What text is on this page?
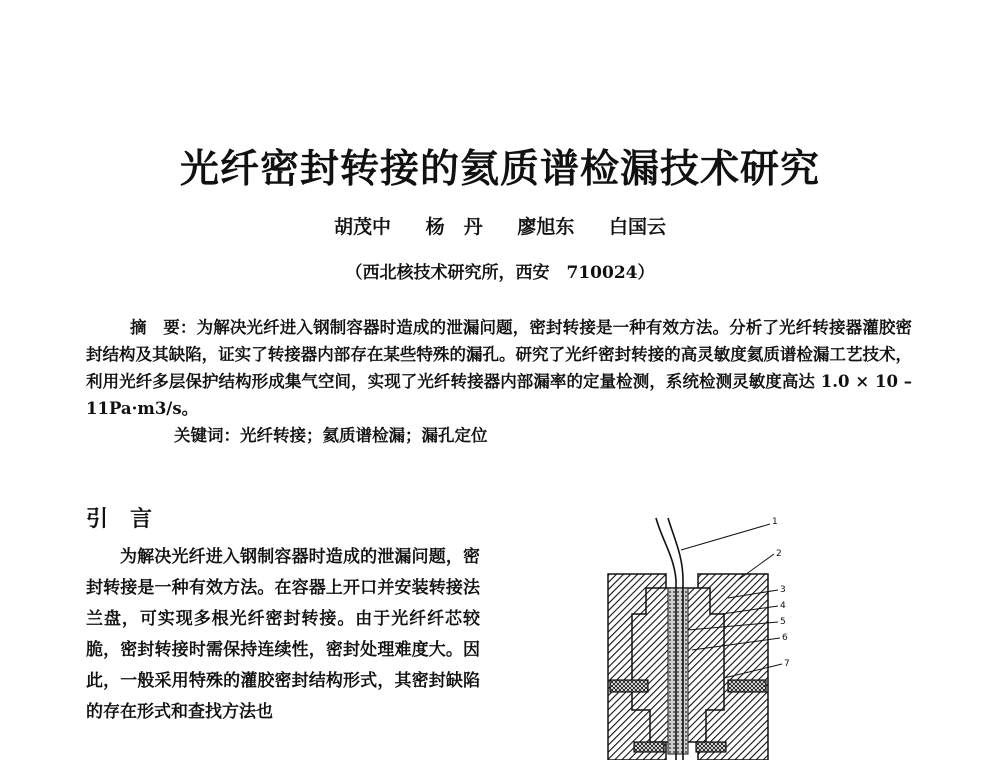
光纤密封转接的氦质谱检漏技术研究
胡茂中 杨　丹 廖旭东 白国云
（西北核技术研究所，西安　710024）

摘　要：为解决光纤进入钢制容器时造成的泄漏问题，密封转接是一种有效方法。分析了光纤转接器灌胶密封结构及其缺陷，证实了转接器内部存在某些特殊的漏孔。研究了光纤密封转接的高灵敏度氦质谱检漏工艺技术，利用光纤多层保护结构形成集气空间，实现了光纤转接器内部漏率的定量检测，系统检测灵敏度高达 1.0 × 10 – 11Pa·m3/s。

关键词：光纤转接；氦质谱检漏；漏孔定位

引言

为解决光纤进入钢制容器时造成的泄漏问题，密封转接是一种有效方法。在容器上开口并安装转接法兰盘，可实现多根光纤密封转接。由于光纤纤芯较脆，密封转接时需保持连续性，密封处理难度大。因此，一般采用特殊的灌胶密封结构形式，其密封缺陷的存在形式和查找方法也

1
2
3
4
5
6
7
